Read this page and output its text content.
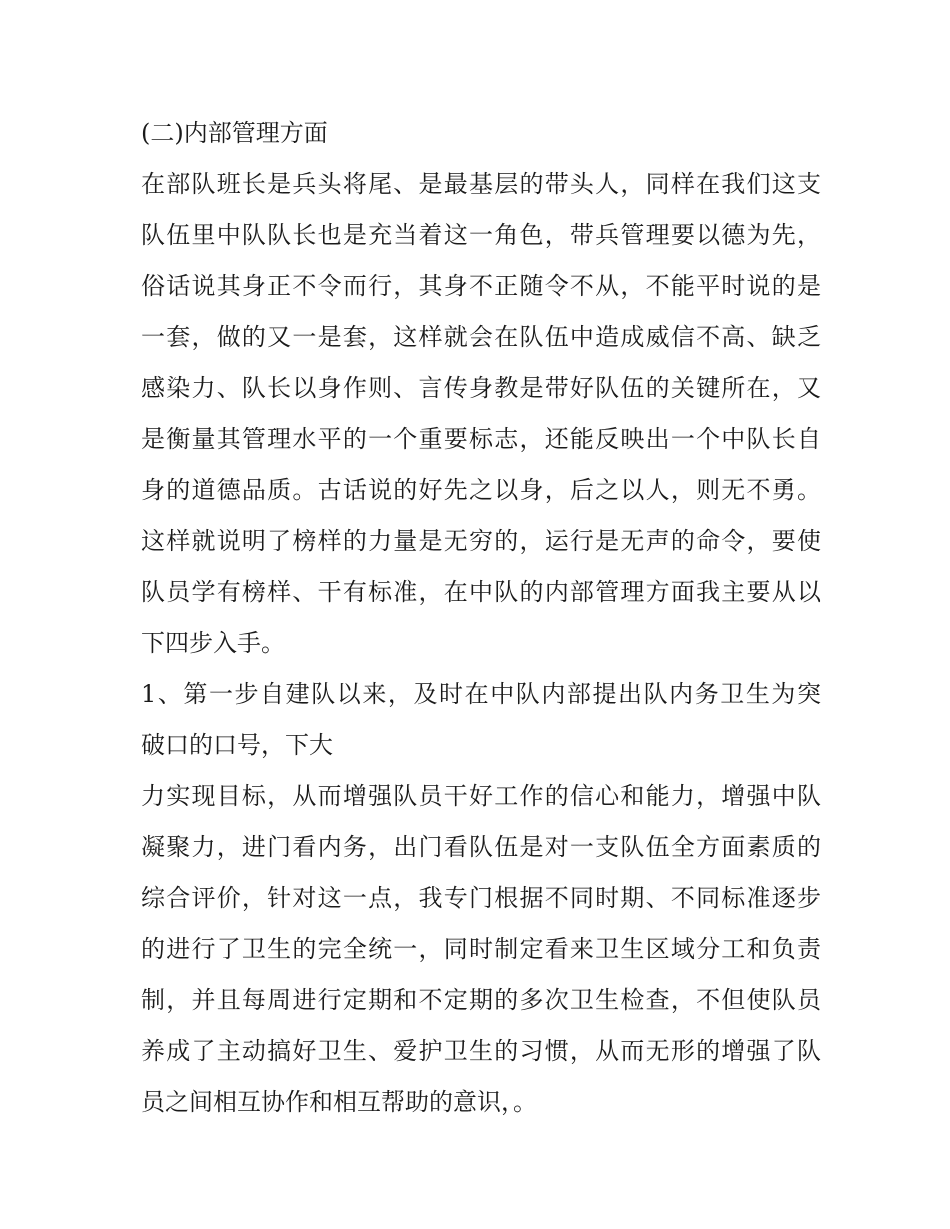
(二)内部管理方面
在部队班长是兵头将尾、是最基层的带头人，同样在我们这支
队伍里中队队长也是充当着这一角色，带兵管理要以德为先，
俗话说其身正不令而行，其身不正随令不从，不能平时说的是
一套，做的又一是套，这样就会在队伍中造成威信不高、缺乏
感染力、队长以身作则、言传身教是带好队伍的关键所在，又
是衡量其管理水平的一个重要标志，还能反映出一个中队长自
身的道德品质。古话说的好先之以身，后之以人，则无不勇。
这样就说明了榜样的力量是无穷的，运行是无声的命令，要使
队员学有榜样、干有标准，在中队的内部管理方面我主要从以
下四步入手。
1、第一步自建队以来，及时在中队内部提出队内务卫生为突
破口的口号，下大
力实现目标，从而增强队员干好工作的信心和能力，增强中队
凝聚力，进门看内务，出门看队伍是对一支队伍全方面素质的
综合评价，针对这一点，我专门根据不同时期、不同标准逐步
的进行了卫生的完全统一，同时制定看来卫生区域分工和负责
制，并且每周进行定期和不定期的多次卫生检查，不但使队员
养成了主动搞好卫生、爱护卫生的习惯，从而无形的增强了队
员之间相互协作和相互帮助的意识，。
